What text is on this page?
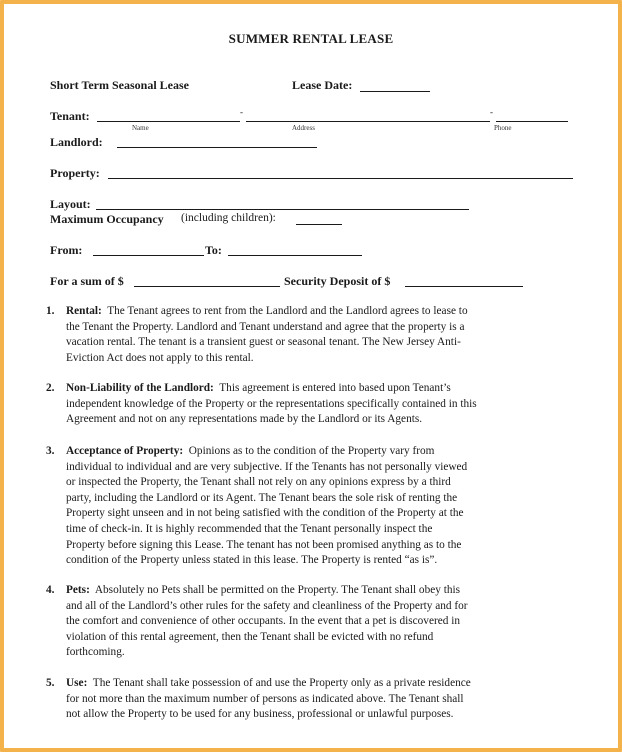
SUMMER RENTAL LEASE
Short Term Seasonal Lease	Lease Date:
Tenant:	-	-
Name	Address	Phone
Landlord:
Property:
Layout:
Maximum Occupancy (including children):
From:	To:
For a sum of $	Security Deposit of $
1. Rental: The Tenant agrees to rent from the Landlord and the Landlord agrees to lease to
the Tenant the Property. Landlord and Tenant understand and agree that the property is a
vacation rental. The tenant is a transient guest or seasonal tenant. The New Jersey Anti-
Eviction Act does not apply to this rental.
2. Non-Liability of the Landlord: This agreement is entered into based upon Tenant’s
independent knowledge of the Property or the representations specifically contained in this
Agreement and not on any representations made by the Landlord or its Agents.
3. Acceptance of Property: Opinions as to the condition of the Property vary from
individual to individual and are very subjective. If the Tenants has not personally viewed
or inspected the Property, the Tenant shall not rely on any opinions express by a third
party, including the Landlord or its Agent. The Tenant bears the sole risk of renting the
Property sight unseen and in not being satisfied with the condition of the Property at the
time of check-in. It is highly recommended that the Tenant personally inspect the
Property before signing this Lease. The tenant has not been promised anything as to the
condition of the Property unless stated in this lease. The Property is rented “as is”.
4. Pets: Absolutely no Pets shall be permitted on the Property. The Tenant shall obey this
and all of the Landlord’s other rules for the safety and cleanliness of the Property and for
the comfort and convenience of other occupants. In the event that a pet is discovered in
violation of this rental agreement, then the Tenant shall be evicted with no refund
forthcoming.
5. Use: The Tenant shall take possession of and use the Property only as a private residence
for not more than the maximum number of persons as indicated above. The Tenant shall
not allow the Property to be used for any business, professional or unlawful purposes.
